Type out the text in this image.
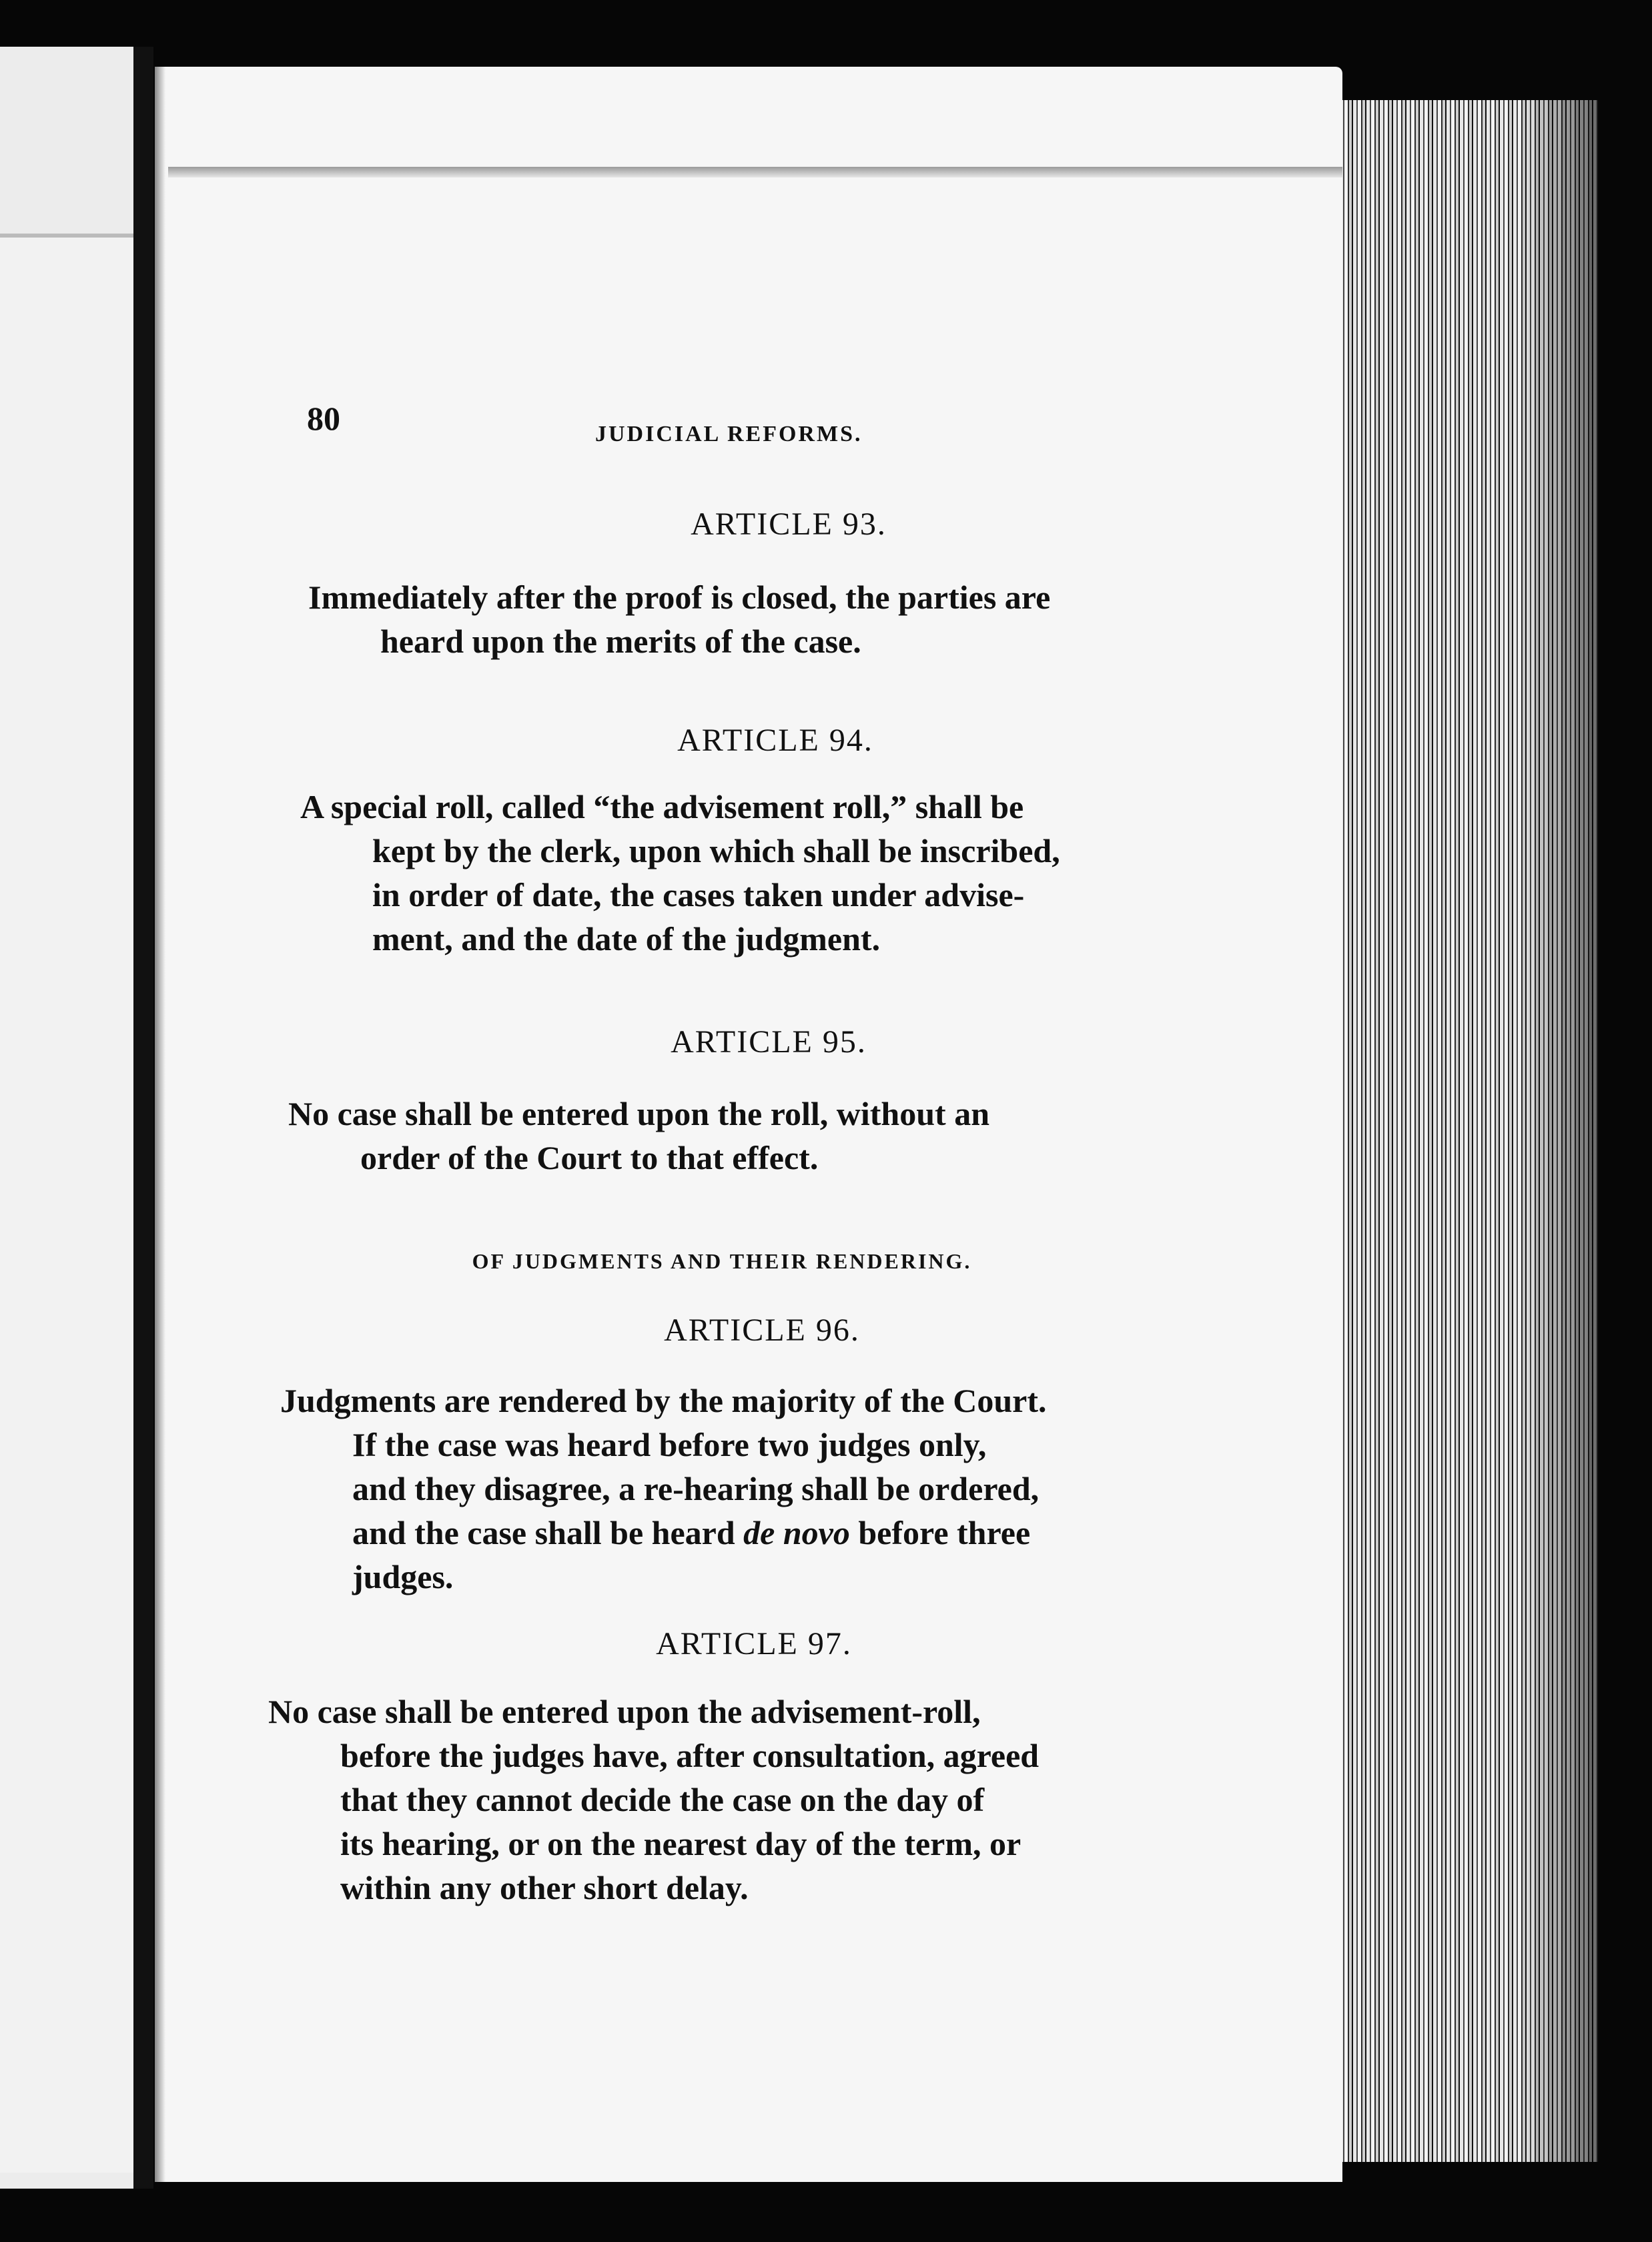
80	JUDICIAL REFORMS.
ARTICLE 93.
Immediately after the proof is closed, the parties are
heard upon the merits of the case.
ARTICLE 94.
A special roll, called “the advisement roll,” shall be
kept by the clerk, upon which shall be inscribed,
in order of date, the cases taken under advise-
ment, and the date of the judgment.
ARTICLE 95.
No case shall be entered upon the roll, without an
order of the Court to that effect.
OF JUDGMENTS AND THEIR RENDERING.
ARTICLE 96.
Judgments are rendered by the majority of the Court.
If the case was heard before two judges only,
and they disagree, a re-hearing shall be ordered,
and the case shall be heard de novo before three
judges.
ARTICLE 97.
No case shall be entered upon the advisement-roll,
before the judges have, after consultation, agreed
that they cannot decide the case on the day of
its hearing, or on the nearest day of the term, or
within any other short delay.
